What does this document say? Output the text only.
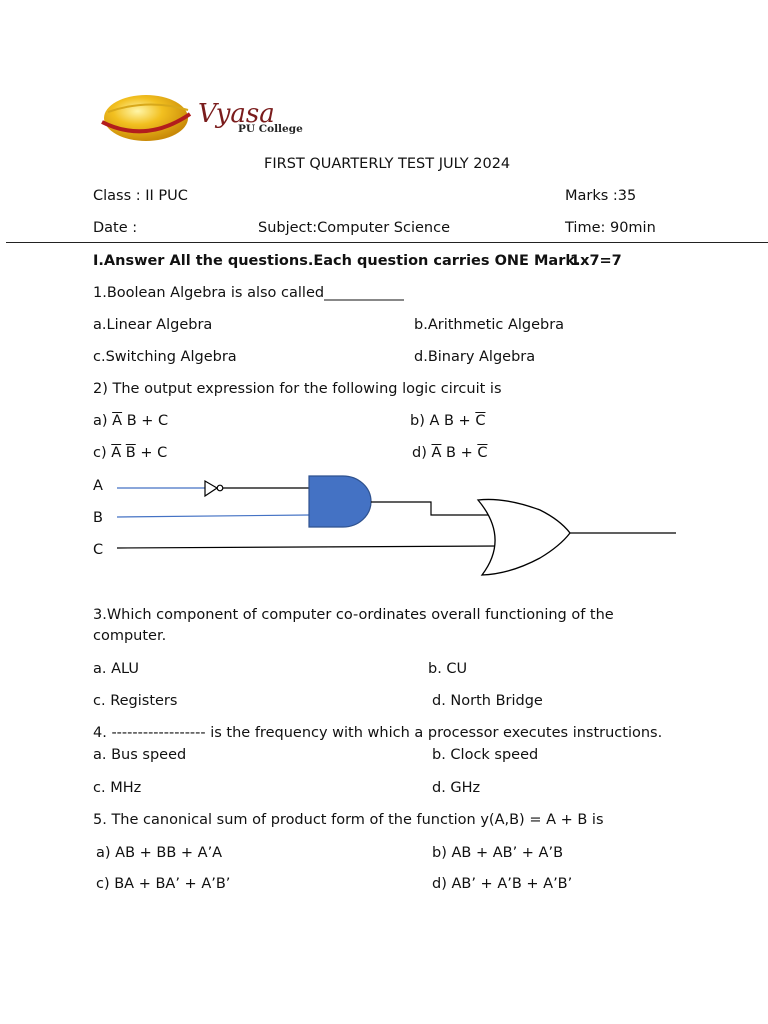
Vyasa
PU College
FIRST QUARTERLY TEST JULY 2024
Class : II PUC	Marks :35
Date :	Subject:Computer Science	Time: 90min
I.Answer All the questions.Each question carries ONE Mark.
1x7=7
1.Boolean Algebra is also called___________
a.Linear Algebra	b.Arithmetic Algebra
c.Switching Algebra	d.Binary Algebra
2) The output expression for the following logic circuit is
a) $\overline{A}$ B + C	b) A $B + \overline{C}$
c) $\overline{A}$ $\overline{B} + C$	d) $\overline{A}$ $B + \overline{C}$
A
B
C
3.Which component of computer co-ordinates overall functioning of the
computer.
a. ALU	b. CU
c. Registers	d. North Bridge
4. ------------------ is the frequency with which a processor executes instructions.
a. Bus speed	b. Clock speed
c. MHz	d. GHz
5. The canonical sum of product form of the function y(A,B) = A + B is
a) AB + BB + A’A	b) AB + AB’ + A’B
c) BA + BA’ + A’B’	d) AB’ + A’B + A’B’
